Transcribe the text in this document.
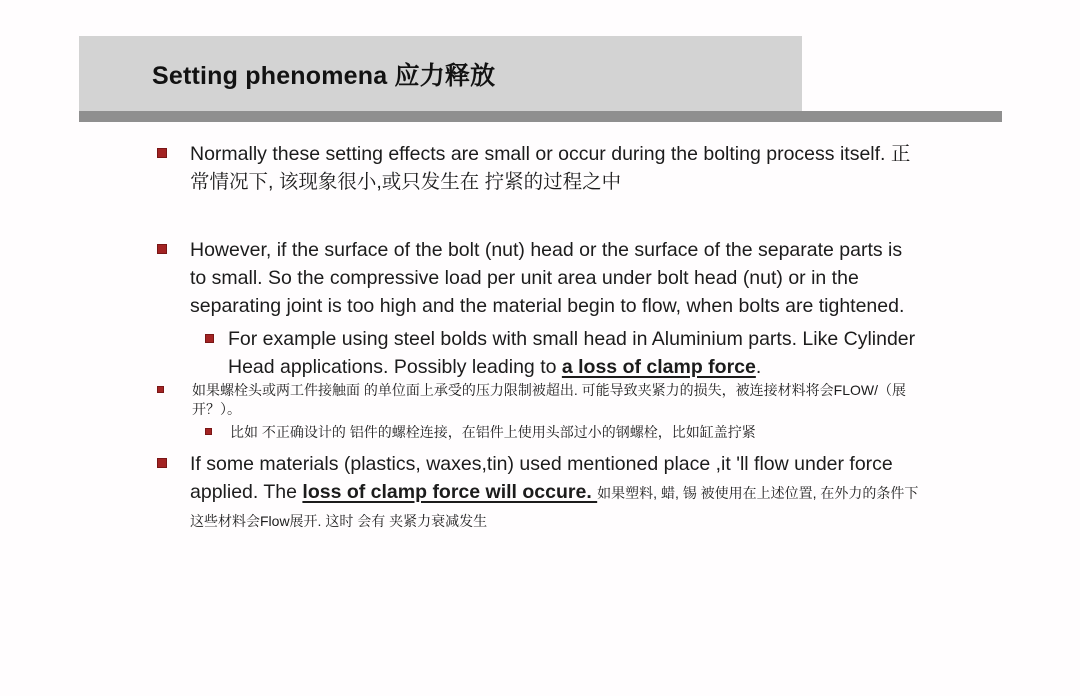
Setting phenomena 应力释放
Normally these setting effects are small or occur during the bolting process itself. 正常情况下, 该现象很小,或只发生在 拧紧的过程之中
However, if the surface of the bolt (nut) head or the surface of the separate parts is to small. So the compressive load per unit area under bolt head (nut) or in the separating joint is too high and the material begin to flow, when bolts are tightened.
For example using steel bolds with small head in Aluminium parts. Like Cylinder Head applications. Possibly leading to a loss of clamp force.
如果螺栓头或两工件接触面 的单位面上承受的压力限制被超出. 可能导致夹紧力的损失，被连接材料将会FLOW/（展开？）。
比如 不正确设计的 铝件的螺栓连接，在铝件上使用头部过小的钢螺栓，比如缸盖拧紧
If some materials (plastics, waxes,tin) used mentioned place ,it 'll flow under force applied. The loss of clamp force will occure. 如果塑料, 蜡, 锡 被使用在上述位置, 在外力的条件下 这些材料会Flow展开. 这时 会有 夹紧力衰减发生
